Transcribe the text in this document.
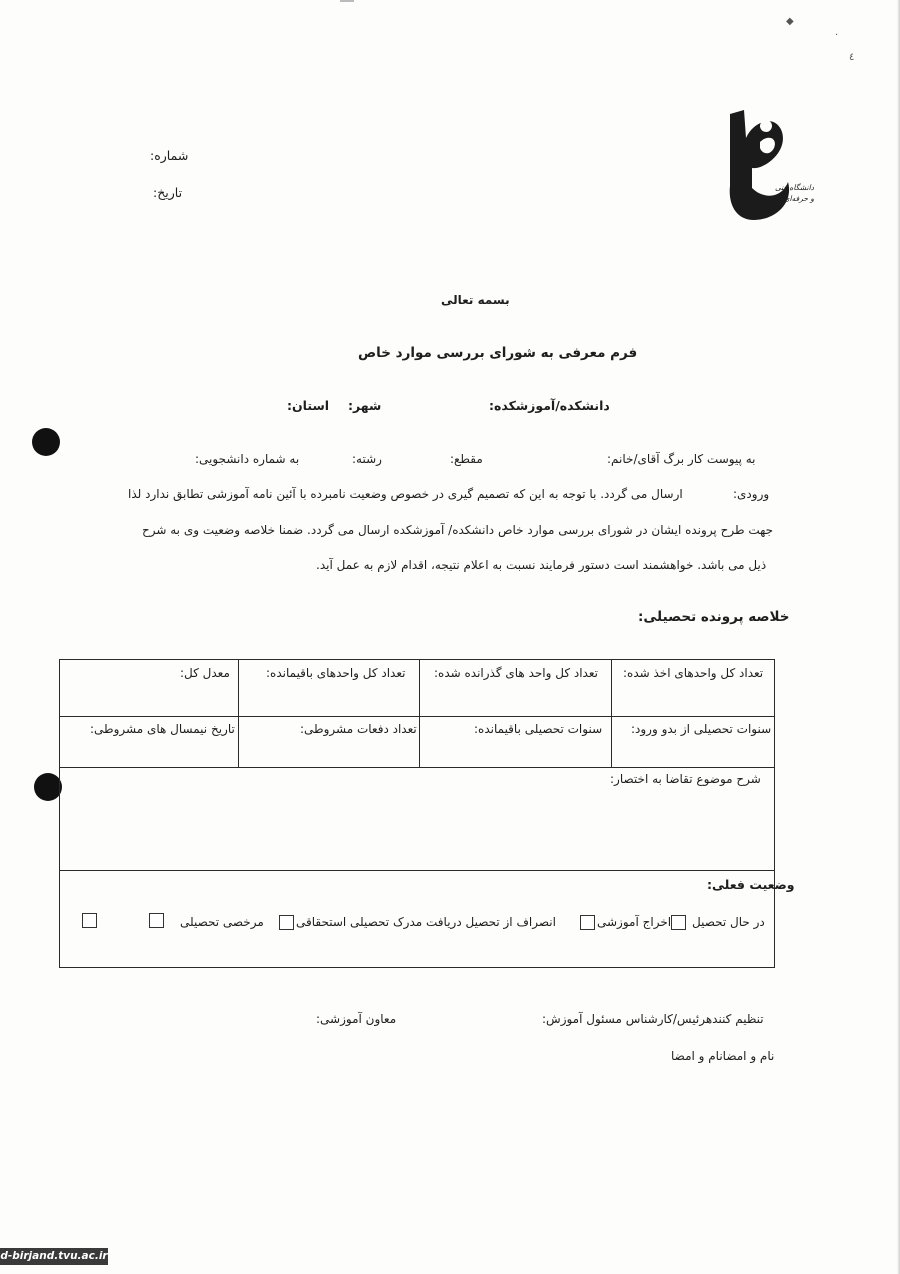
◆
·
٤
دانشگاه فنی و حرفه‌ای
شماره:
تاریخ:
بسمه تعالی
فرم معرفی به شورای بررسی موارد خاص
دانشکده/آموزشکده:
شهر:
استان:
به پیوست کار برگ آقای/خانم:
مقطع:
رشته:
به شماره دانشجویی:
ورودی:
ارسال می گردد. با توجه به این که تصمیم گیری در خصوص وضعیت نامبرده با آئین نامه آموزشی تطابق ندارد لذا
جهت طرح پرونده ایشان در شورای بررسی موارد خاص دانشکده/ آموزشکده ارسال می گردد. ضمنا خلاصه وضعیت وی به شرح
ذیل می باشد. خواهشمند است دستور فرمایند نسبت به اعلام نتیجه، اقدام لازم به عمل آید.
خلاصه پرونده تحصیلی:
تعداد کل واحدهای اخذ شده:
تعداد کل واحد های گذرانده شده:
تعداد کل واحدهای باقیمانده:
معدل کل:
سنوات تحصیلی از بدو ورود:
سنوات تحصیلی باقیمانده:
تعداد دفعات مشروطی:
تاریخ نیمسال های مشروطی:
شرح موضوع تقاضا به اختصار:
وضعیت فعلی:
در حال تحصیل
اخراج آموزشی
انصراف از تحصیل دریافت مدرک تحصیلی استحقاقی
مرخصی تحصیلی
تنظیم کنندهرئیس/کارشناس مسئول آموزش:
معاون آموزشی:
نام و امضانام و امضا
d-birjand.tvu.ac.ir
